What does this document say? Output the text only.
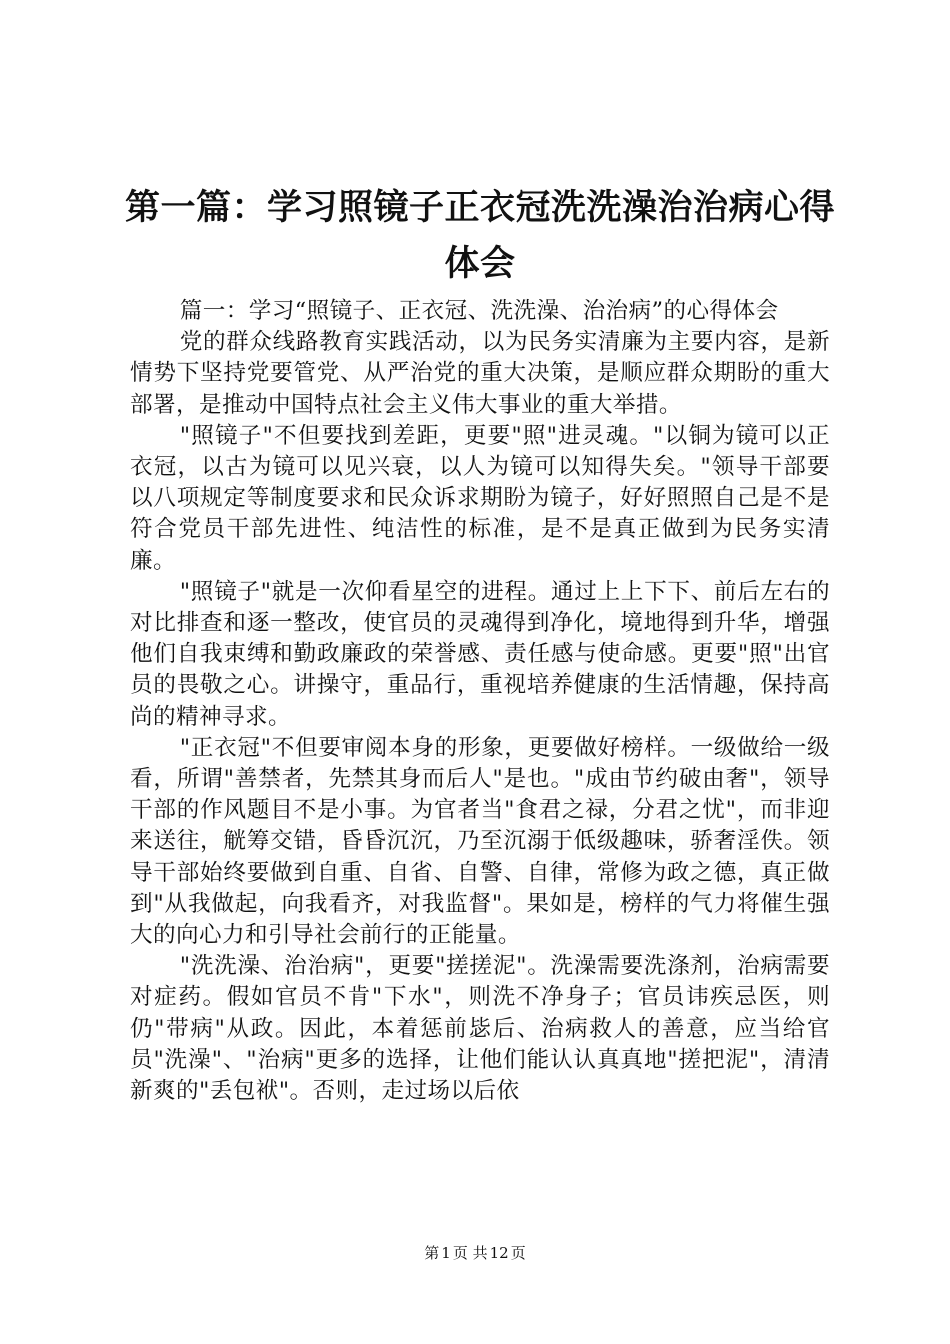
第一篇：学习照镜子正衣冠洗洗澡治治病心得体会

篇一：学习“照镜子、正衣冠、洗洗澡、治治病”的心得体会

党的群众线路教育实践活动，以为民务实清廉为主要内容，是新情势下坚持党要管党、从严治党的重大决策，是顺应群众期盼的重大部署，是推动中国特点社会主义伟大事业的重大举措。

"照镜子"不但要找到差距，更要"照"进灵魂。"以铜为镜可以正衣冠，以古为镜可以见兴衰，以人为镜可以知得失矣。"领导干部要以八项规定等制度要求和民众诉求期盼为镜子，好好照照自己是不是符合党员干部先进性、纯洁性的标准，是不是真正做到为民务实清廉。

"照镜子"就是一次仰看星空的进程。通过上上下下、前后左右的对比排查和逐一整改，使官员的灵魂得到净化，境地得到升华，增强他们自我束缚和勤政廉政的荣誉感、责任感与使命感。更要"照"出官员的畏敬之心。讲操守，重品行，重视培养健康的生活情趣，保持高尚的精神寻求。

"正衣冠"不但要审阅本身的形象，更要做好榜样。一级做给一级看，所谓"善禁者，先禁其身而后人"是也。"成由节约破由奢"，领导干部的作风题目不是小事。为官者当"食君之禄，分君之忧"，而非迎来送往，觥筹交错，昏昏沉沉，乃至沉溺于低级趣味，骄奢淫佚。领导干部始终要做到自重、自省、自警、自律，常修为政之德，真正做到"从我做起，向我看齐，对我监督"。果如是，榜样的气力将催生强大的向心力和引导社会前行的正能量。

"洗洗澡、治治病"，更要"搓搓泥"。洗澡需要洗涤剂，治病需要对症药。假如官员不肯"下水"，则洗不净身子；官员讳疾忌医，则仍"带病"从政。因此，本着惩前毖后、治病救人的善意，应当给官员"洗澡"、"治病"更多的选择，让他们能认认真真地"搓把泥"，清清新爽的"丢包袱"。否则，走过场以后依

第 1 页 共 12 页
